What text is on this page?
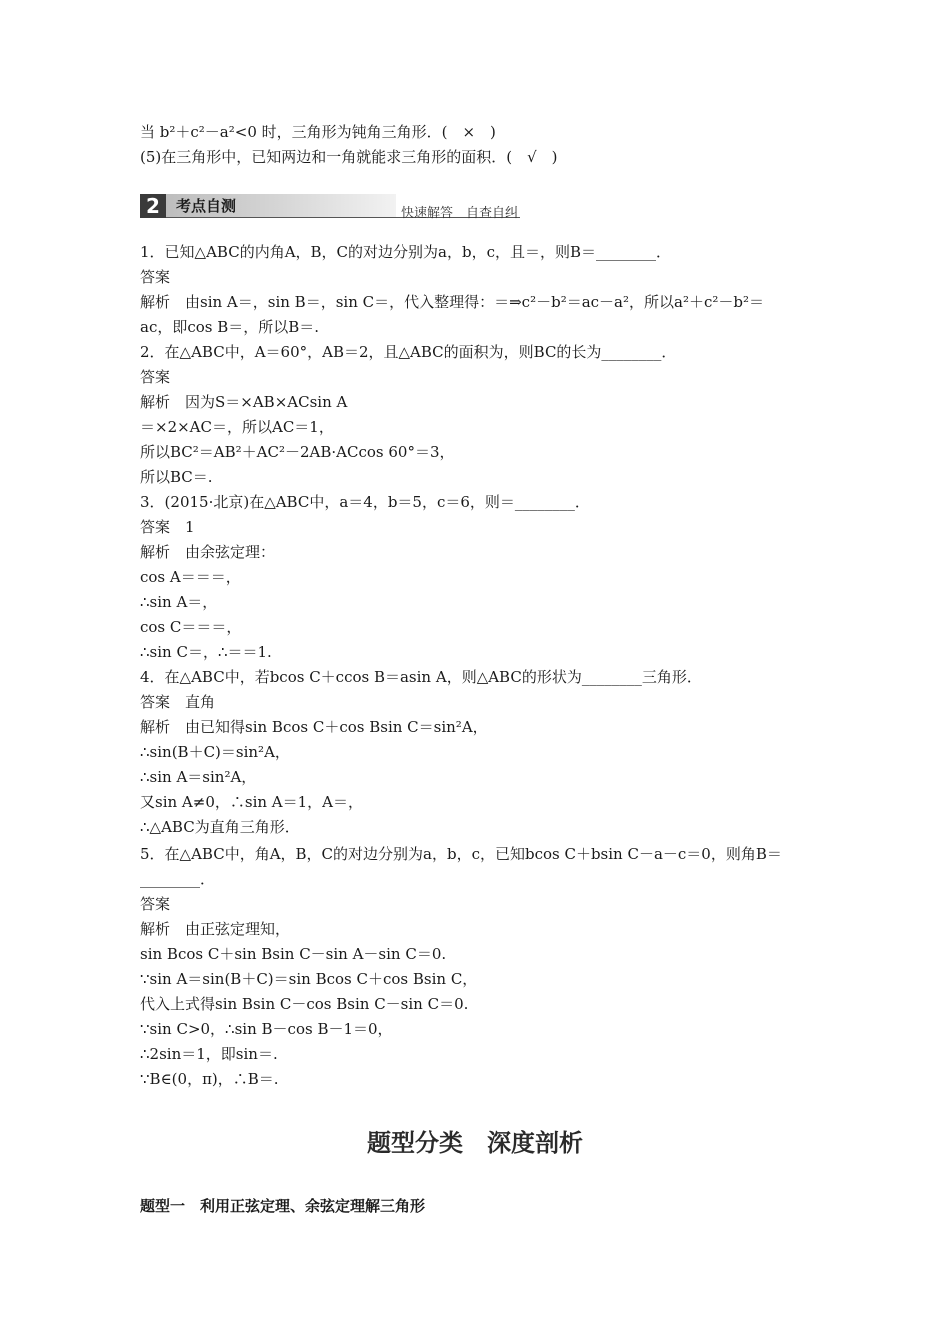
当 b²＋c²－a²<0 时，三角形为钝角三角形．(　×　)

(5)在三角形中，已知两边和一角就能求三角形的面积．(　√　)

2	考点自测	快速解答　自查自纠

1．已知△ABC的内角A，B，C的对边分别为a，b，c，且＝，则B＝________．

答案

解析　由sin A＝，sin B＝，sin C＝，代入整理得：＝⇒c²－b²＝ac－a²，所以a²＋c²－b²＝

ac，即cos B＝，所以B＝.

2．在△ABC中，A＝60°，AB＝2，且△ABC的面积为，则BC的长为________．

答案

解析　因为S＝×AB×ACsin A

＝×2×AC＝，所以AC＝1，

所以BC²＝AB²＋AC²－2AB·ACcos 60°＝3，

所以BC＝.

3．(2015·北京)在△ABC中，a＝4，b＝5，c＝6，则＝________．

答案　1

解析　由余弦定理：

cos A＝＝＝，

∴sin A＝，

cos C＝＝＝，

∴sin C＝，∴＝＝1.

4．在△ABC中，若bcos C＋ccos B＝asin A，则△ABC的形状为________三角形．

答案　直角

解析　由已知得sin Bcos C＋cos Bsin C＝sin²A，

∴sin(B＋C)＝sin²A，

∴sin A＝sin²A，

又sin A≠0，∴sin A＝1，A＝，

∴△ABC为直角三角形．

5．在△ABC中，角A，B，C的对边分别为a，b，c，已知bcos C＋bsin C－a－c＝0，则角B＝

________．

答案

解析　由正弦定理知，

sin Bcos C＋sin Bsin C－sin A－sin C＝0.

∵sin A＝sin(B＋C)＝sin Bcos C＋cos Bsin C，

代入上式得sin Bsin C－cos Bsin C－sin C＝0.

∵sin C>0，∴sin B－cos B－1＝0，

∴2sin＝1，即sin＝.

∵B∈(0，π)，∴B＝.

题型分类　深度剖析
题型一　利用正弦定理、余弦定理解三角形
